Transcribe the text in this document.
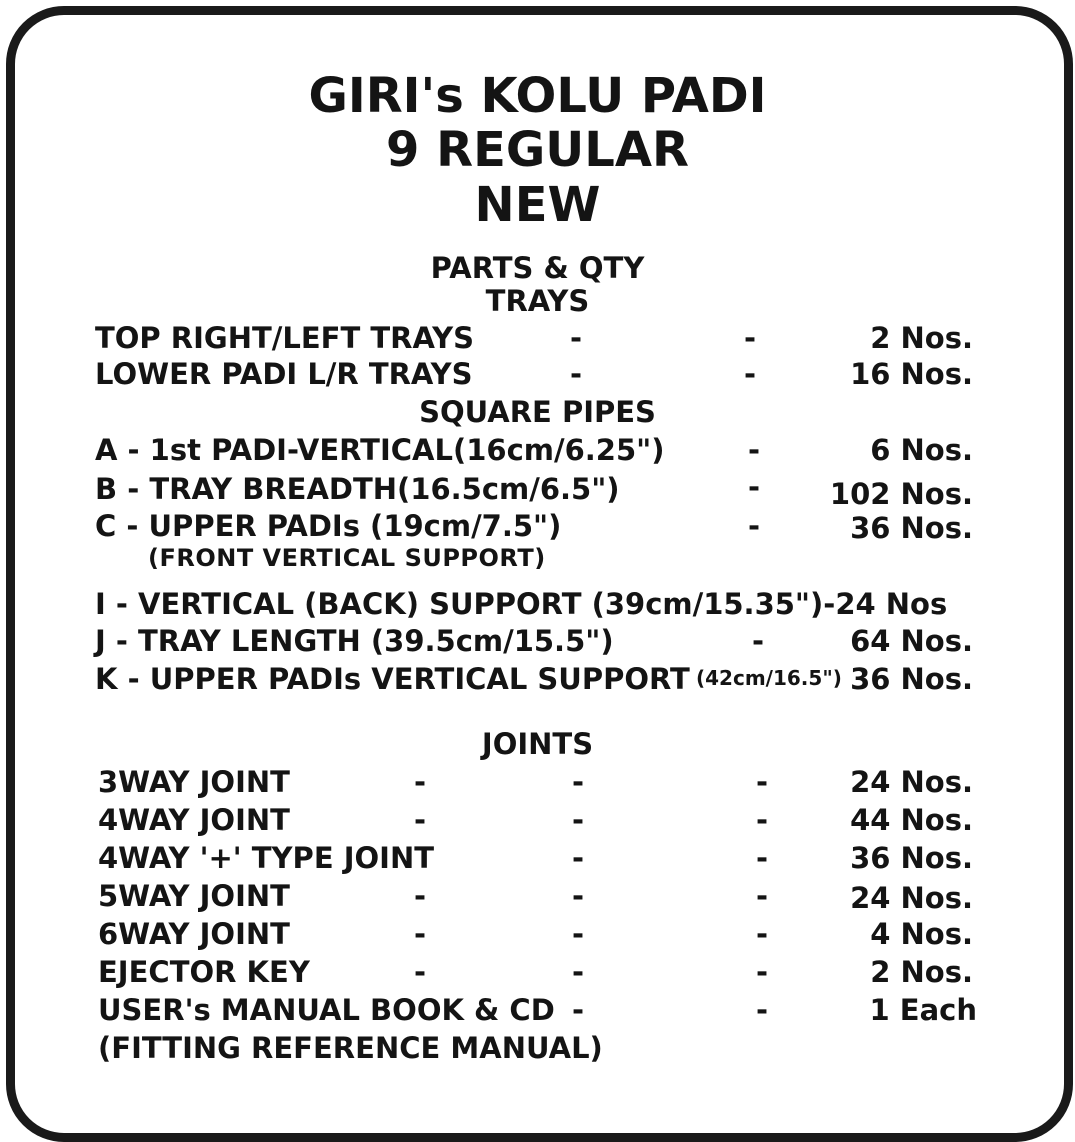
GIRI's KOLU PADI
9 REGULAR
NEW
PARTS & QTY
TRAYS
TOP RIGHT/LEFT TRAYS	-	-	2 Nos.
LOWER PADI L/R TRAYS	-	-	16 Nos.
SQUARE PIPES
A - 1st PADI-VERTICAL(16cm/6.25")	-	6 Nos.
B - TRAY BREADTH(16.5cm/6.5")	- 102 Nos.
C - UPPER PADIs (19cm/7.5")	-	36 Nos.
(FRONT VERTICAL SUPPORT)
I - VERTICAL (BACK) SUPPORT (39cm/15.35")-24 Nos
J - TRAY LENGTH (39.5cm/15.5")	-	64 Nos.
K - UPPER PADIs VERTICAL SUPPORT (42cm/16.5") 36 Nos.
JOINTS
3WAY JOINT	-	-	-	24 Nos.
4WAY JOINT	-	-	-	44 Nos.
4WAY '+' TYPE JOINT	-	-	36 Nos.
5WAY JOINT	-	-	-	24 Nos.
6WAY JOINT	-	-	-	4 Nos.
EJECTOR KEY	-	-	-	2 Nos.
USER's MANUAL BOOK & CD -	-	1 Each
(FITTING REFERENCE MANUAL)
